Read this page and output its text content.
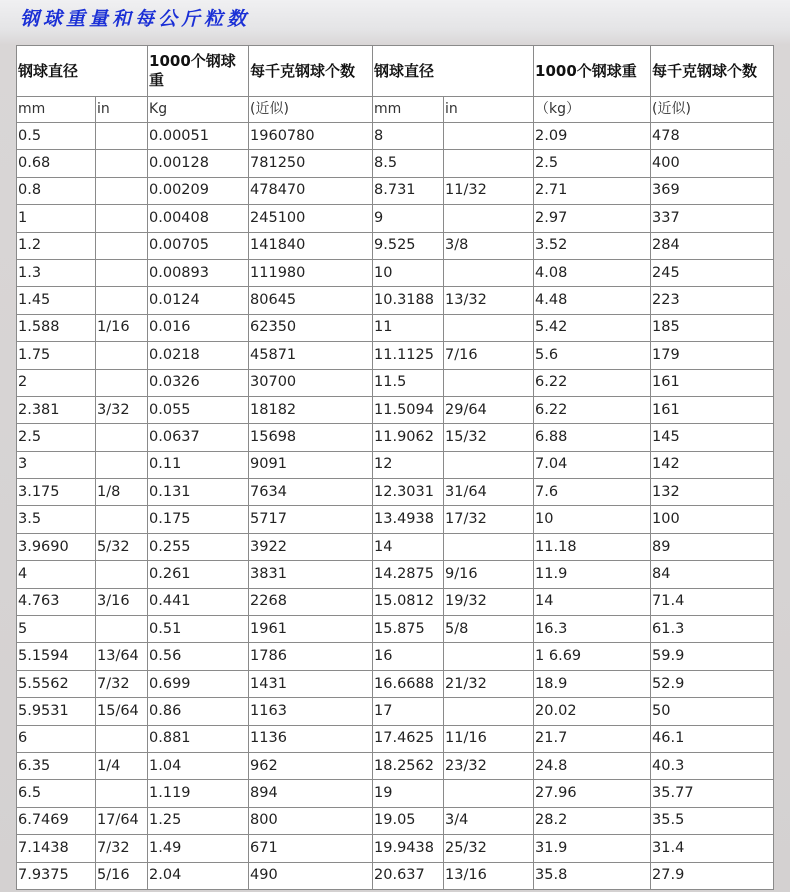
钢球重量和每公斤粒数
钢球直径		1000个钢球重	每千克钢球个数	钢球直径		1000个钢球重	每千克钢球个数
mm	in	Kg	(近似)	mm	in	（kg）	(近似)
0.5		0.00051	1960780	8		2.09	478
0.68		0.00128	781250	8.5		2.5	400
0.8		0.00209	478470	8.731	11/32	2.71	369
1		0.00408	245100	9		2.97	337
1.2		0.00705	141840	9.525	3/8	3.52	284
1.3		0.00893	111980	10		4.08	245
1.45		0.0124	80645	10.3188	13/32	4.48	223
1.588	1/16	0.016	62350	11		5.42	185
1.75		0.0218	45871	11.1125	7/16	5.6	179
2		0.0326	30700	11.5		6.22	161
2.381	3/32	0.055	18182	11.5094	29/64	6.22	161
2.5		0.0637	15698	11.9062	15/32	6.88	145
3		0.11	9091	12		7.04	142
3.175	1/8	0.131	7634	12.3031	31/64	7.6	132
3.5		0.175	5717	13.4938	17/32	10	100
3.9690	5/32	0.255	3922	14		11.18	89
4		0.261	3831	14.2875	9/16	11.9	84
4.763	3/16	0.441	2268	15.0812	19/32	14	71.4
5		0.51	1961	15.875	5/8	16.3	61.3
5.1594	13/64	0.56	1786	16		1 6.69	59.9
5.5562	7/32	0.699	1431	16.6688	21/32	18.9	52.9
5.9531	15/64	0.86	1163	17		20.02	50
6		0.881	1136	17.4625	11/16	21.7	46.1
6.35	1/4	1.04	962	18.2562	23/32	24.8	40.3
6.5		1.119	894	19		27.96	35.77
6.7469	17/64	1.25	800	19.05	3/4	28.2	35.5
7.1438	7/32	1.49	671	19.9438	25/32	31.9	31.4
7.9375	5/16	2.04	490	20.637	13/16	35.8	27.9
